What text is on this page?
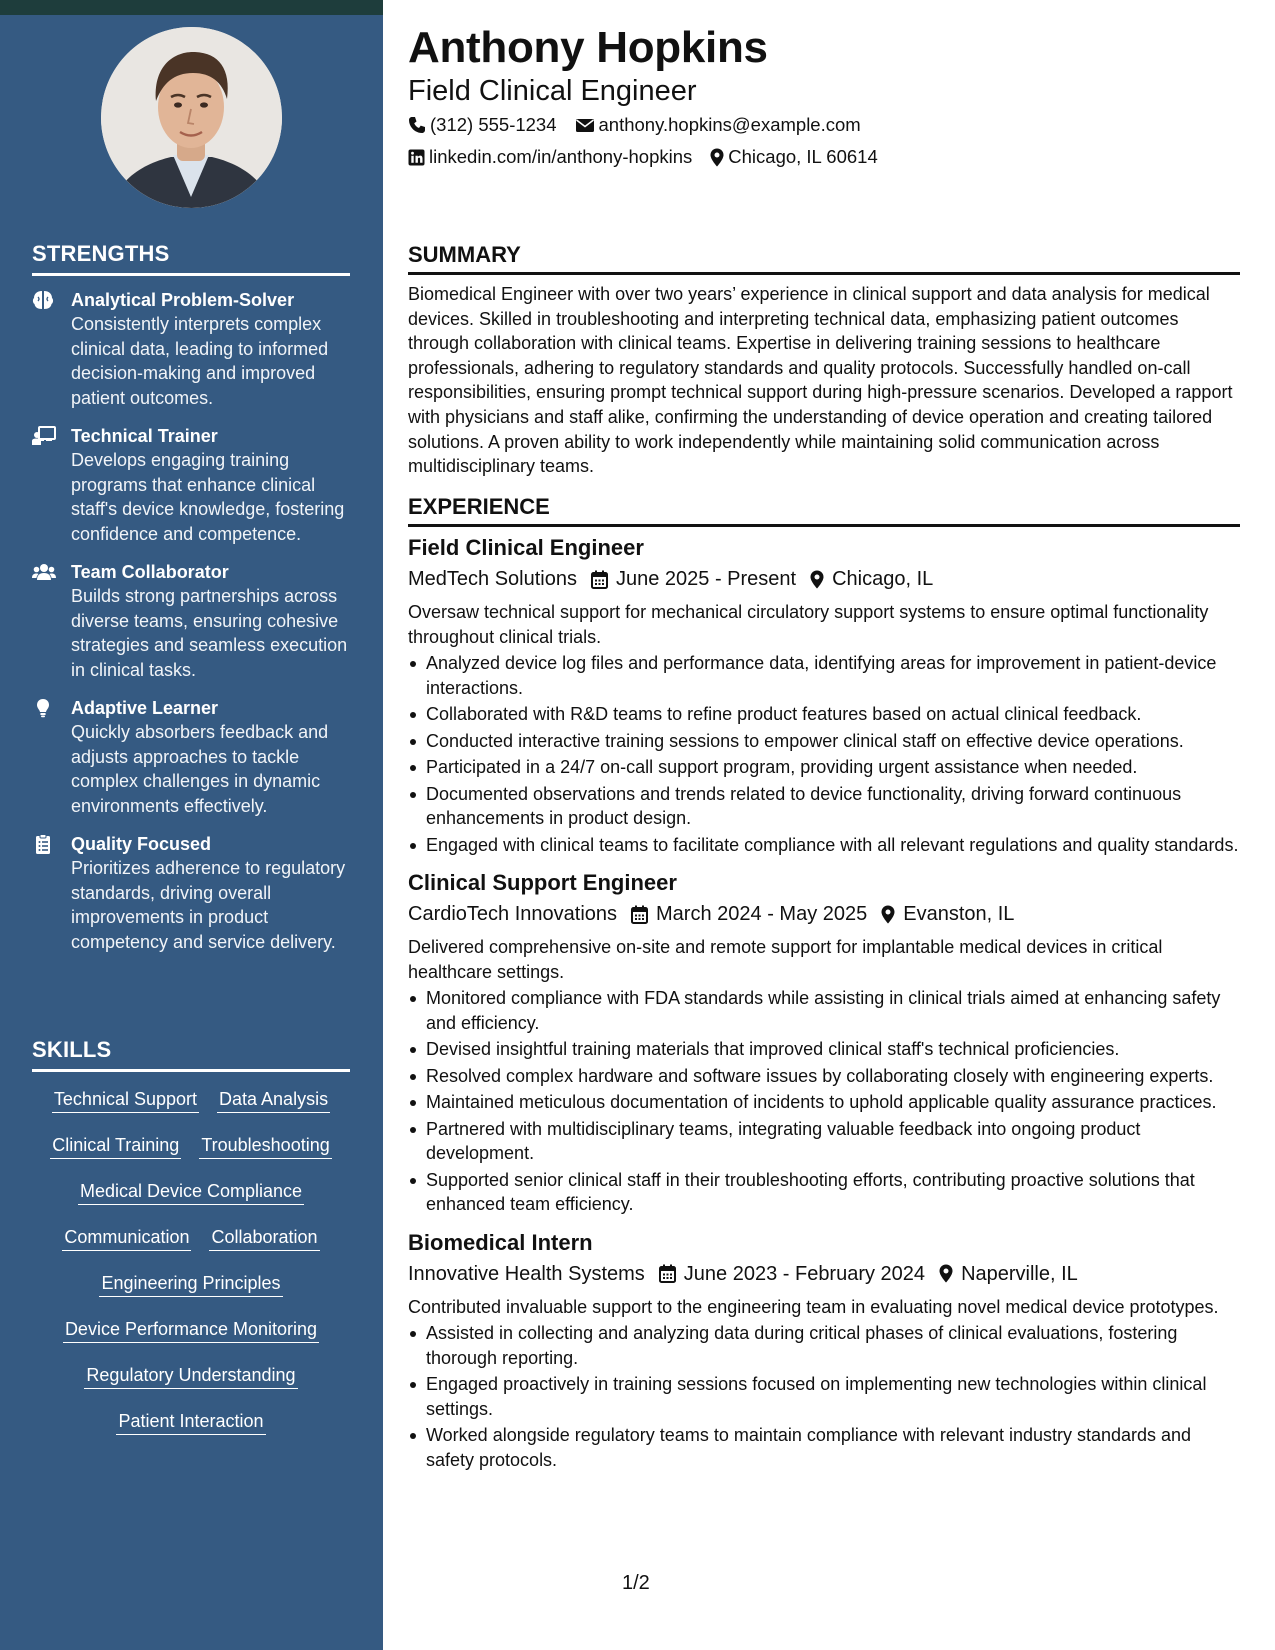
STRENGTHS
Analytical Problem-Solver
Consistently interprets complex clinical data, leading to informed decision-making and improved patient outcomes.
Technical Trainer
Develops engaging training programs that enhance clinical staff's device knowledge, fostering confidence and competence.
Team Collaborator
Builds strong partnerships across diverse teams, ensuring cohesive strategies and seamless execution in clinical tasks.
Adaptive Learner
Quickly absorbers feedback and adjusts approaches to tackle complex challenges in dynamic environments effectively.
Quality Focused
Prioritizes adherence to regulatory standards, driving overall improvements in product competency and service delivery.
SKILLS
Technical Support Data Analysis
Clinical Training Troubleshooting
Medical Device Compliance
Communication Collaboration
Engineering Principles
Device Performance Monitoring
Regulatory Understanding
Patient Interaction
Anthony Hopkins
Field Clinical Engineer
(312) 555-1234 anthony.hopkins@example.com
linkedin.com/in/anthony-hopkins Chicago, IL 60614
SUMMARY

Biomedical Engineer with over two years’ experience in clinical support and data analysis for medical devices. Skilled in troubleshooting and interpreting technical data, emphasizing patient outcomes through collaboration with clinical teams. Expertise in delivering training sessions to healthcare professionals, adhering to regulatory standards and quality protocols. Successfully handled on-call responsibilities, ensuring prompt technical support during high-pressure scenarios. Developed a rapport with physicians and staff alike, confirming the understanding of device operation and creating tailored solutions. A proven ability to work independently while maintaining solid communication across multidisciplinary teams.

EXPERIENCE
Field Clinical Engineer
MedTech Solutions June 2025 - Present Chicago, IL

Oversaw technical support for mechanical circulatory support systems to ensure optimal functionality throughout clinical trials.

Analyzed device log files and performance data, identifying areas for improvement in patient-device interactions.
Collaborated with R&D teams to refine product features based on actual clinical feedback.
Conducted interactive training sessions to empower clinical staff on effective device operations.
Participated in a 24/7 on-call support program, providing urgent assistance when needed.
Documented observations and trends related to device functionality, driving forward continuous enhancements in product design.
Engaged with clinical teams to facilitate compliance with all relevant regulations and quality standards.
Clinical Support Engineer
CardioTech Innovations March 2024 - May 2025 Evanston, IL

Delivered comprehensive on-site and remote support for implantable medical devices in critical healthcare settings.

Monitored compliance with FDA standards while assisting in clinical trials aimed at enhancing safety and efficiency.
Devised insightful training materials that improved clinical staff's technical proficiencies.
Resolved complex hardware and software issues by collaborating closely with engineering experts.
Maintained meticulous documentation of incidents to uphold applicable quality assurance practices.
Partnered with multidisciplinary teams, integrating valuable feedback into ongoing product development.
Supported senior clinical staff in their troubleshooting efforts, contributing proactive solutions that enhanced team efficiency.
Biomedical Intern
Innovative Health Systems June 2023 - February 2024 Naperville, IL

Contributed invaluable support to the engineering team in evaluating novel medical device prototypes.

Assisted in collecting and analyzing data during critical phases of clinical evaluations, fostering thorough reporting.
Engaged proactively in training sessions focused on implementing new technologies within clinical settings.
Worked alongside regulatory teams to maintain compliance with relevant industry standards and safety protocols.
1/2
